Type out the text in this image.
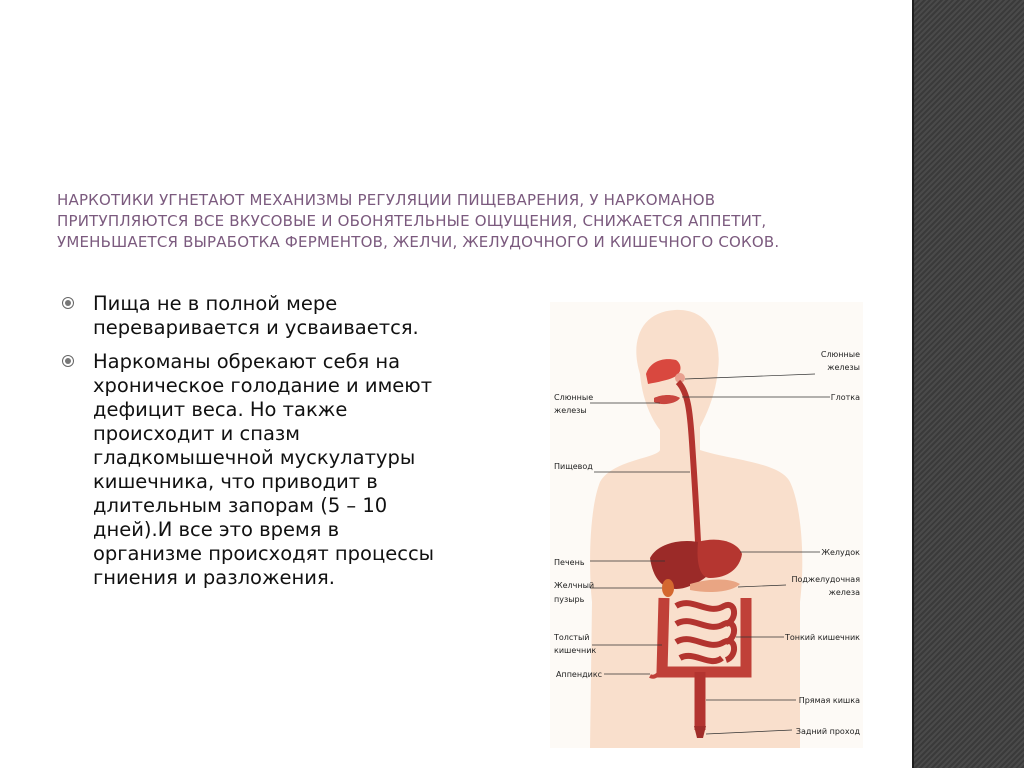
НАРКОТИКИ УГНЕТАЮТ МЕХАНИЗМЫ РЕГУЛЯЦИИ ПИЩЕВАРЕНИЯ, У НАРКОМАНОВ ПРИТУПЛЯЮТСЯ ВСЕ ВКУСОВЫЕ И ОБОНЯТЕЛЬНЫЕ ОЩУЩЕНИЯ, СНИЖАЕТСЯ АППЕТИТ, УМЕНЬШАЕТСЯ ВЫРАБОТКА ФЕРМЕНТОВ, ЖЕЛЧИ, ЖЕЛУДОЧНОГО И КИШЕЧНОГО СОКОВ.
Пища не в полной мере переваривается и усваивается.
Наркоманы обрекают себя на хроническое голодание и имеют дефицит веса. Но также происходит и спазм гладкомышечной мускулатуры кишечника, что приводит в длительным запорам (5 – 10 дней).И все это время в организме происходят процессы гниения и разложения.
Слюнные
железы
Пищевод
Печень
Желчный
пузырь
Толстый
кишечник
Аппендикс
Слюнные
железы
Глотка
Желудок
Поджелудочная
железа
Тонкий кишечник
Прямая кишка
Задний проход
